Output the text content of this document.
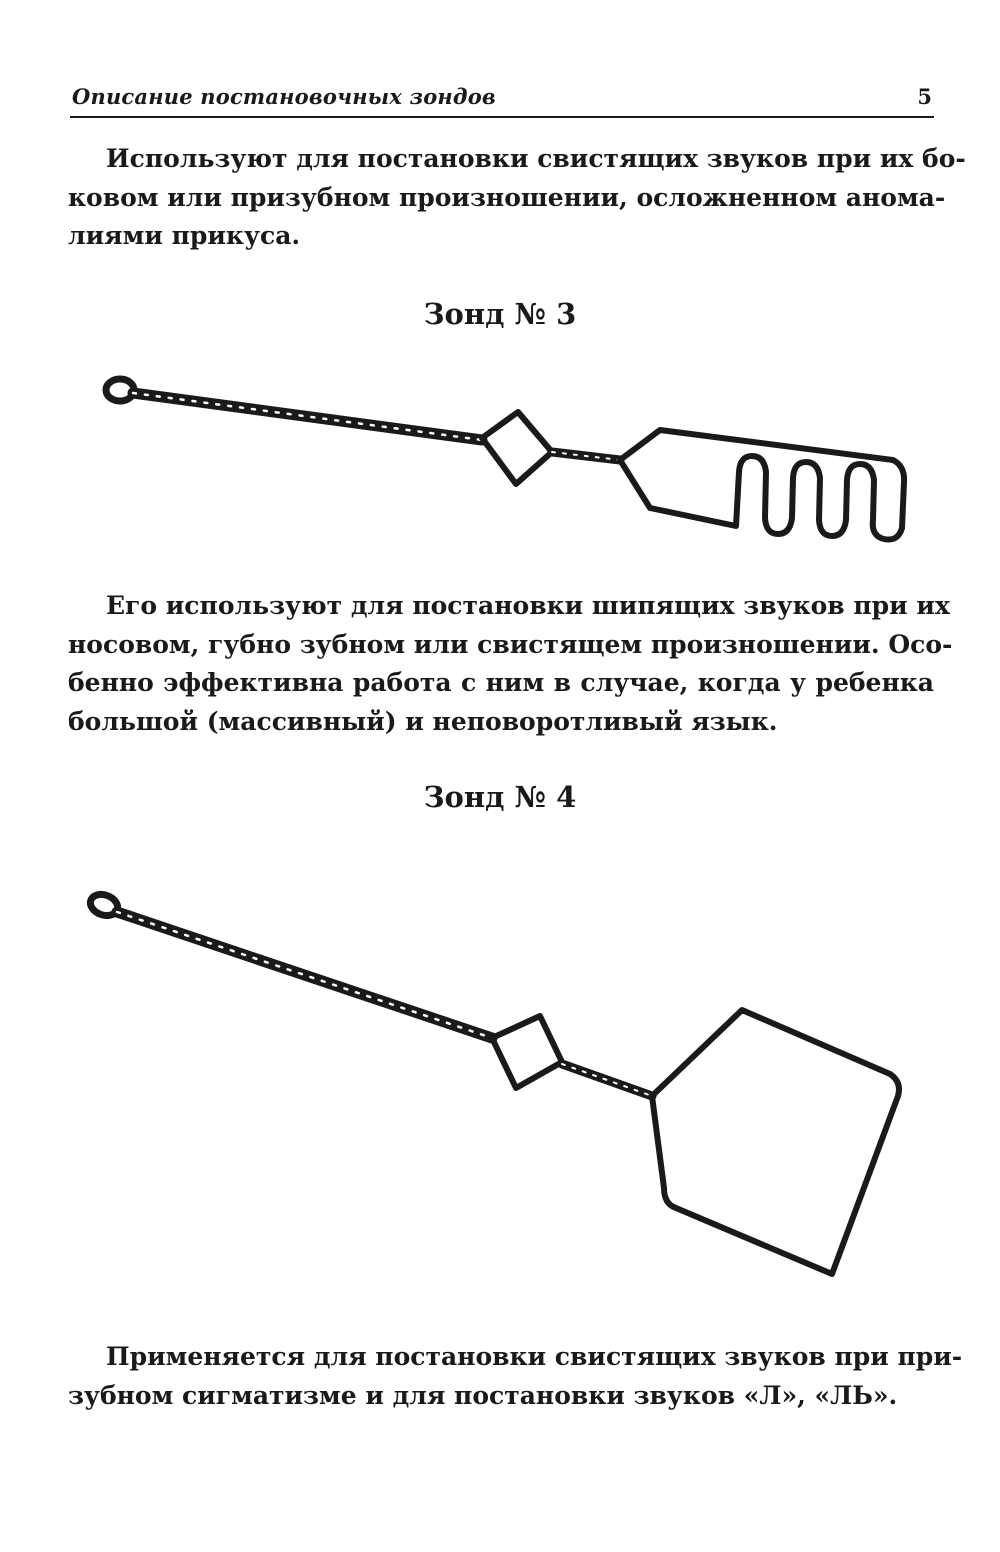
Описание постановочных зондов	5
Используют для постановки свистящих звуков при их бо-
ковом или призубном произношении, осложненном анома-
лиями прикуса.
Зонд № 3
Его используют для постановки шипящих звуков при их
носовом, губно зубном или свистящем произношении. Осо-
бенно эффективна работа с ним в случае, когда у ребенка
большой (массивный) и неповоротливый язык.
Зонд № 4
Применяется для постановки свистящих звуков при при-
зубном сигматизме и для постановки звуков «Л», «ЛЬ».
